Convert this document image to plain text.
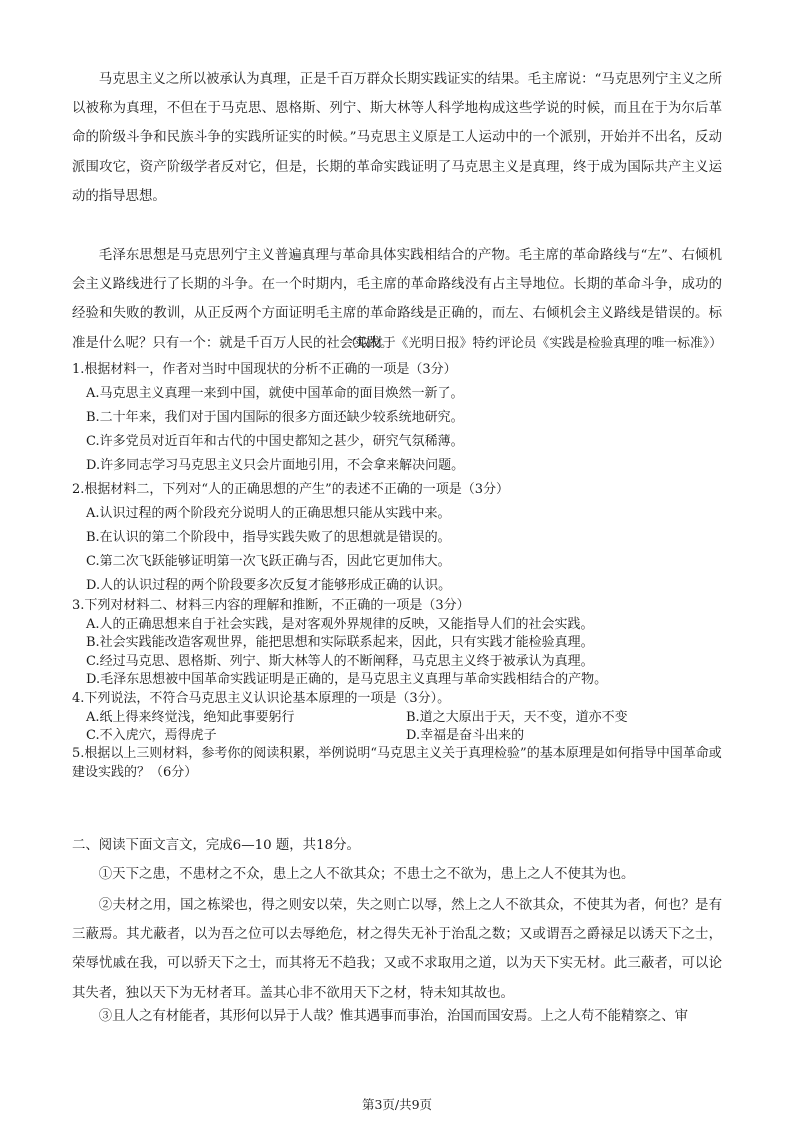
马克思主义之所以被承认为真理，正是千百万群众长期实践证实的结果。毛主席说：“马克思列宁主义之所以被称为真理，不但在于马克思、恩格斯、列宁、斯大林等人科学地构成这些学说的时候，而且在于为尔后革命的阶级斗争和民族斗争的实践所证实的时候。”马克思主义原是工人运动中的一个派别，开始并不出名，反动派围攻它，资产阶级学者反对它，但是，长期的革命实践证明了马克思主义是真理，终于成为国际共产主义运动的指导思想。

毛泽东思想是马克思列宁主义普遍真理与革命具体实践相结合的产物。毛主席的革命路线与“左”、右倾机会主义路线进行了长期的斗争。在一个时期内，毛主席的革命路线没有占主导地位。长期的革命斗争，成功的经验和失败的教训，从正反两个方面证明毛主席的革命路线是正确的，而左、右倾机会主义路线是错误的。标准是什么呢？只有一个：就是千百万人民的社会实践。

（取材于《光明日报》特约评论员《实践是检验真理的唯一标准》）

1.根据材料一，作者对当时中国现状的分析不正确的一项是（3分）

A.马克思主义真理一来到中国，就使中国革命的面目焕然一新了。

B.二十年来，我们对于国内国际的很多方面还缺少较系统地研究。

C.许多党员对近百年和古代的中国史都知之甚少，研究气氛稀薄。

D.许多同志学习马克思主义只会片面地引用，不会拿来解决问题。

2.根据材料二，下列对“人的正确思想的产生”的表述不正确的一项是（3分）

A.认识过程的两个阶段充分说明人的正确思想只能从实践中来。

B.在认识的第二个阶段中，指导实践失败了的思想就是错误的。

C.第二次飞跃能够证明第一次飞跃正确与否，因此它更加伟大。

D.人的认识过程的两个阶段要多次反复才能够形成正确的认识。

3.下列对材料二、材料三内容的理解和推断，不正确的一项是（3分）

A.人的正确思想来自于社会实践，是对客观外界规律的反映，又能指导人们的社会实践。

B.社会实践能改造客观世界，能把思想和实际联系起来，因此，只有实践才能检验真理。

C.经过马克思、恩格斯、列宁、斯大林等人的不断阐释，马克思主义终于被承认为真理。

D.毛泽东思想被中国革命实践证明是正确的，是马克思主义真理与革命实践相结合的产物。

4.下列说法，不符合马克思主义认识论基本原理的一项是（3分）。

A.纸上得来终觉浅，绝知此事要躬行	B.道之大原出于天，天不变，道亦不变

C.不入虎穴，焉得虎子	D.幸福是奋斗出来的

5.根据以上三则材料，参考你的阅读积累，举例说明“马克思主义关于真理检验”的基本原理是如何指导中国革命或建设实践的？（6分）

二、阅读下面文言文，完成6—10 题，共18分。

①天下之患，不患材之不众，患上之人不欲其众；不患士之不欲为，患上之人不使其为也。

②夫材之用，国之栋梁也，得之则安以荣，失之则亡以辱，然上之人不欲其众，不使其为者，何也？是有三蔽焉。其尤蔽者，以为吾之位可以去辱绝危，材之得失无补于治乱之数；又或谓吾之爵禄足以诱天下之士，荣辱忧戚在我，可以骄天下之士，而其将无不趋我；又或不求取用之道，以为天下实无材。此三蔽者，可以论其失者，独以天下为无材者耳。盖其心非不欲用天下之材，特未知其故也。

③且人之有材能者，其形何以异于人哉？惟其遇事而事治，治国而国安焉。上之人苟不能精察之、审

第3页/共9页
